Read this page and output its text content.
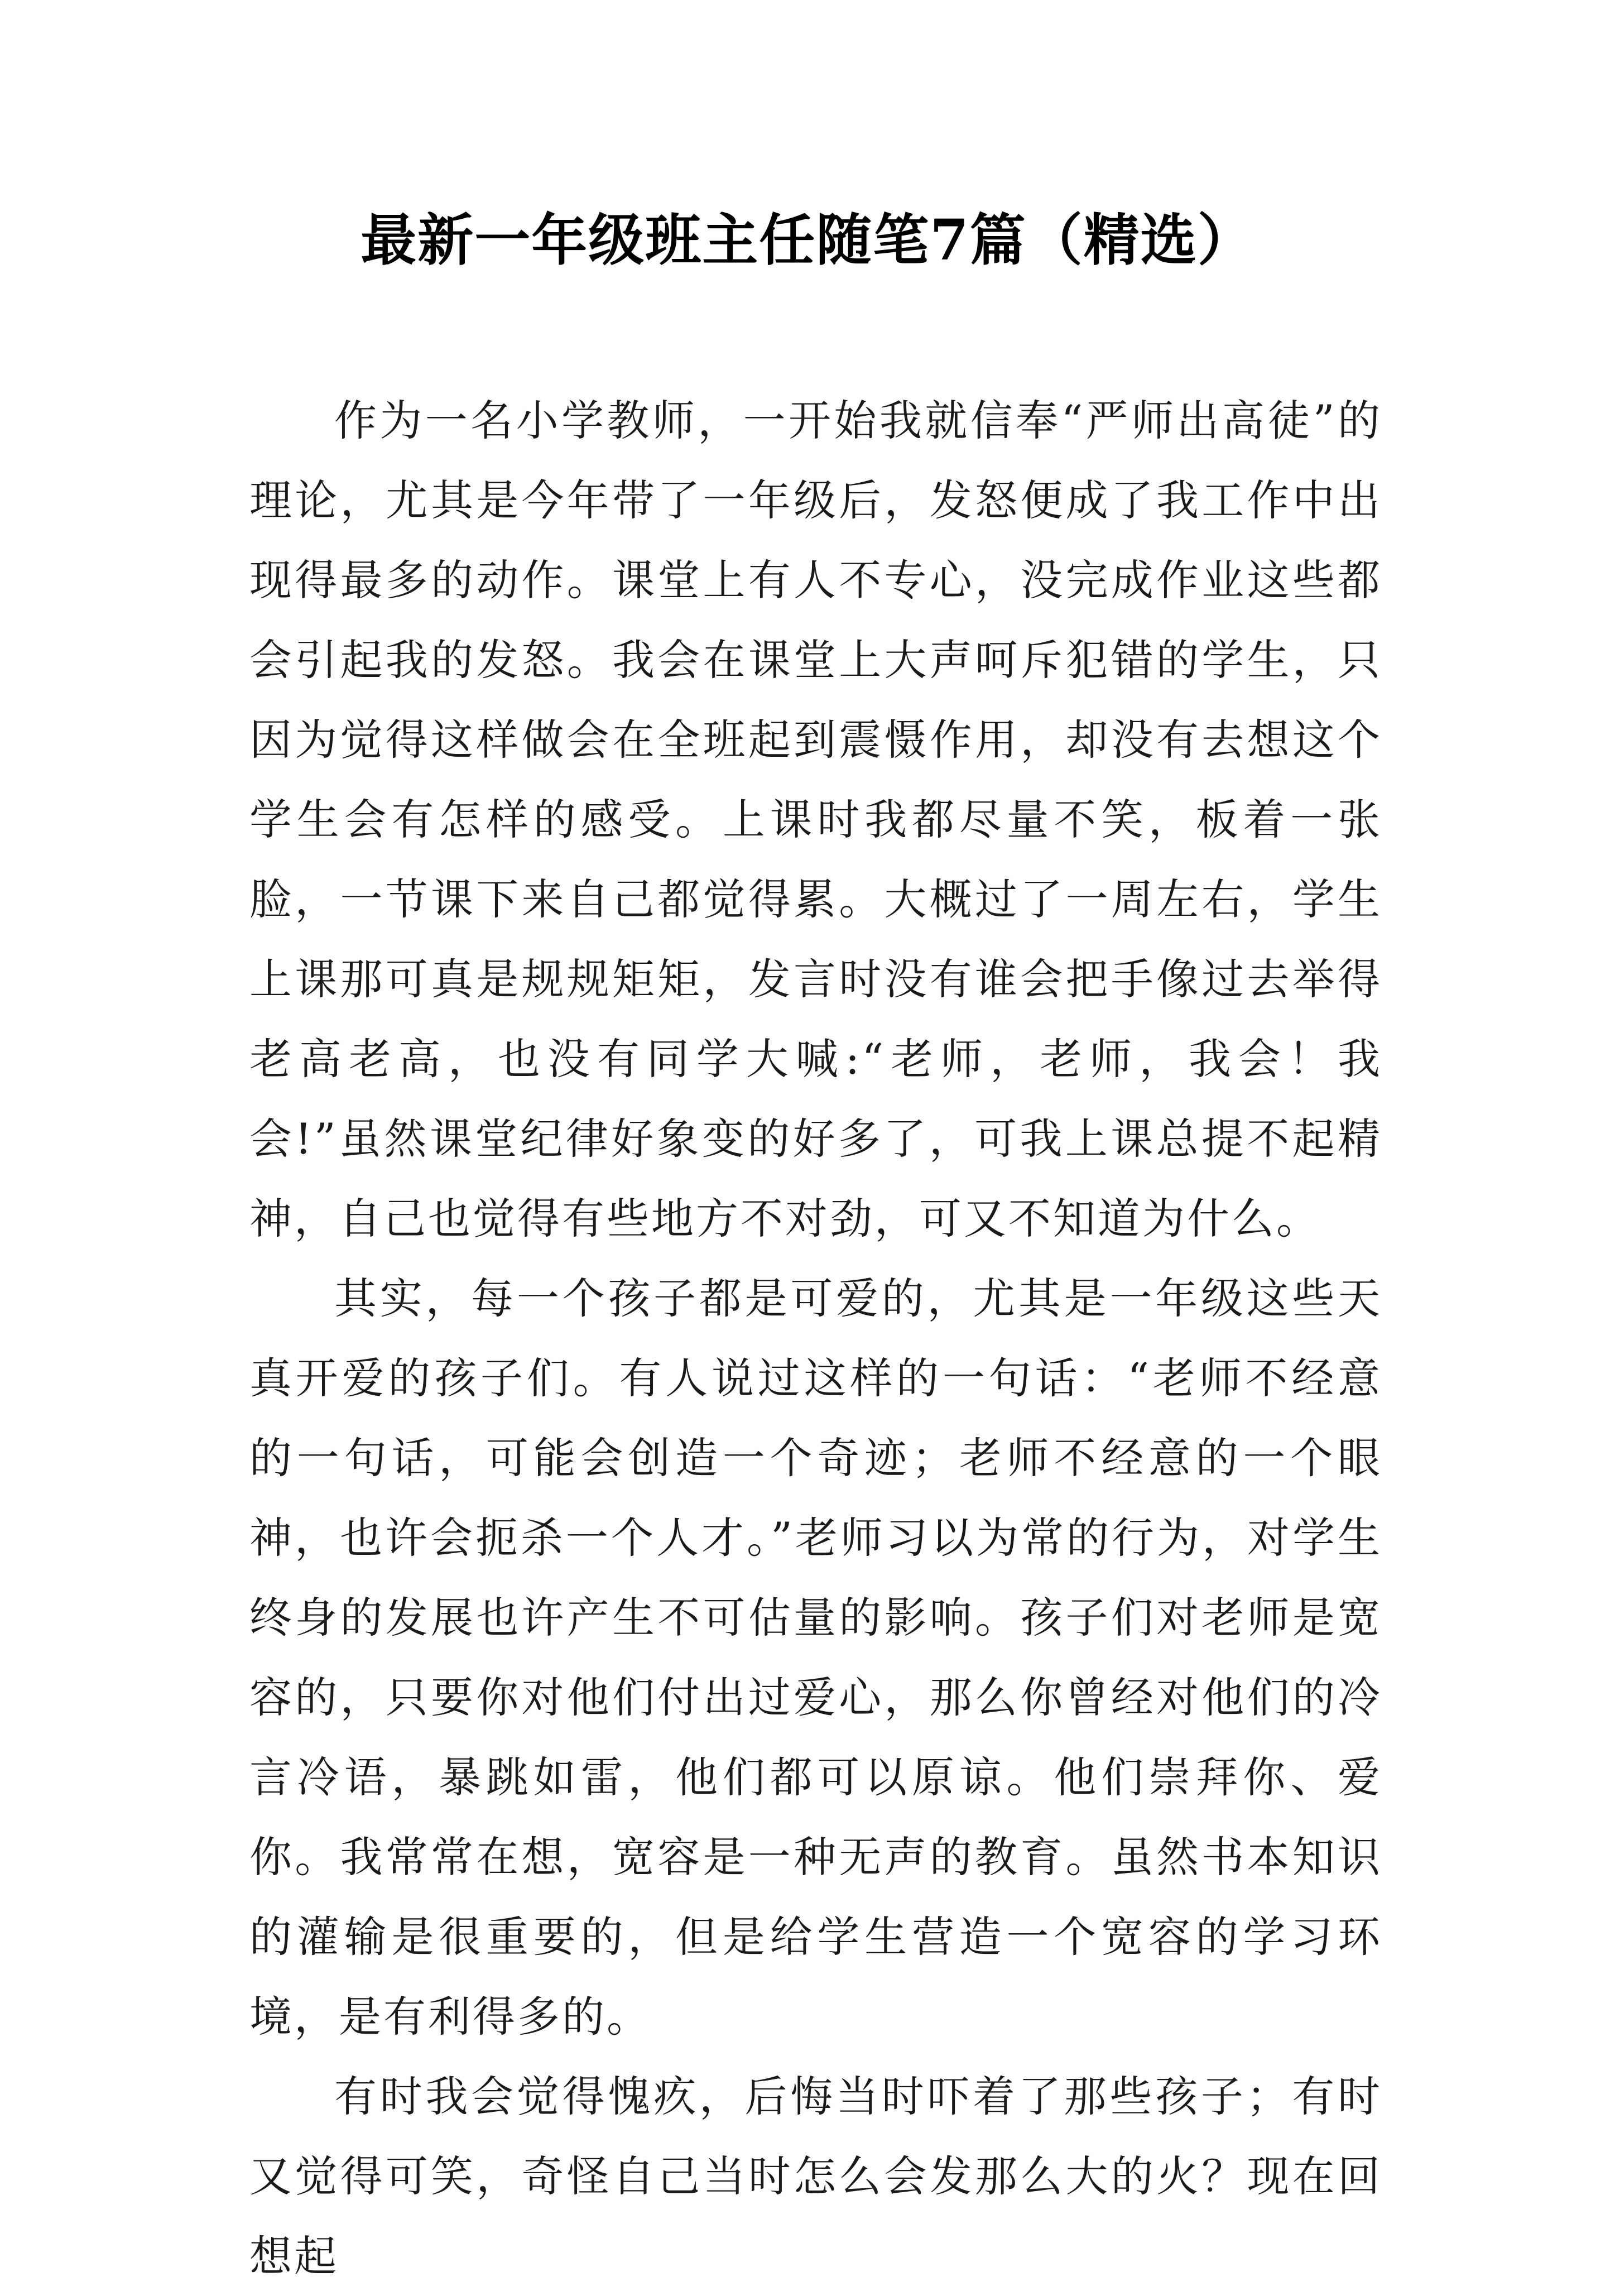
最新一年级班主任随笔7篇（精选）

作为一名小学教师，一开始我就信奉“严师出高徒”的理论，尤其是今年带了一年级后，发怒便成了我工作中出现得最多的动作。课堂上有人不专心，没完成作业这些都会引起我的发怒。我会在课堂上大声呵斥犯错的学生，只因为觉得这样做会在全班起到震慑作用，却没有去想这个学生会有怎样的感受。上课时我都尽量不笑，板着一张脸，一节课下来自己都觉得累。大概过了一周左右，学生上课那可真是规规矩矩，发言时没有谁会把手像过去举得老高老高，也没有同学大喊:“老师，老师，我会！我会!”虽然课堂纪律好象变的好多了，可我上课总提不起精神，自己也觉得有些地方不对劲，可又不知道为什么。

其实，每一个孩子都是可爱的，尤其是一年级这些天真开爱的孩子们。有人说过这样的一句话：“老师不经意的一句话，可能会创造一个奇迹；老师不经意的一个眼神，也许会扼杀一个人才。”老师习以为常的行为，对学生终身的发展也许产生不可估量的影响。孩子们对老师是宽容的，只要你对他们付出过爱心，那么你曾经对他们的冷言冷语，暴跳如雷，他们都可以原谅。他们崇拜你、爱你。我常常在想，宽容是一种无声的教育。虽然书本知识的灌输是很重要的，但是给学生营造一个宽容的学习环境，是有利得多的。

有时我会觉得愧疚，后悔当时吓着了那些孩子；有时又觉得可笑，奇怪自己当时怎么会发那么大的火？现在回想起
